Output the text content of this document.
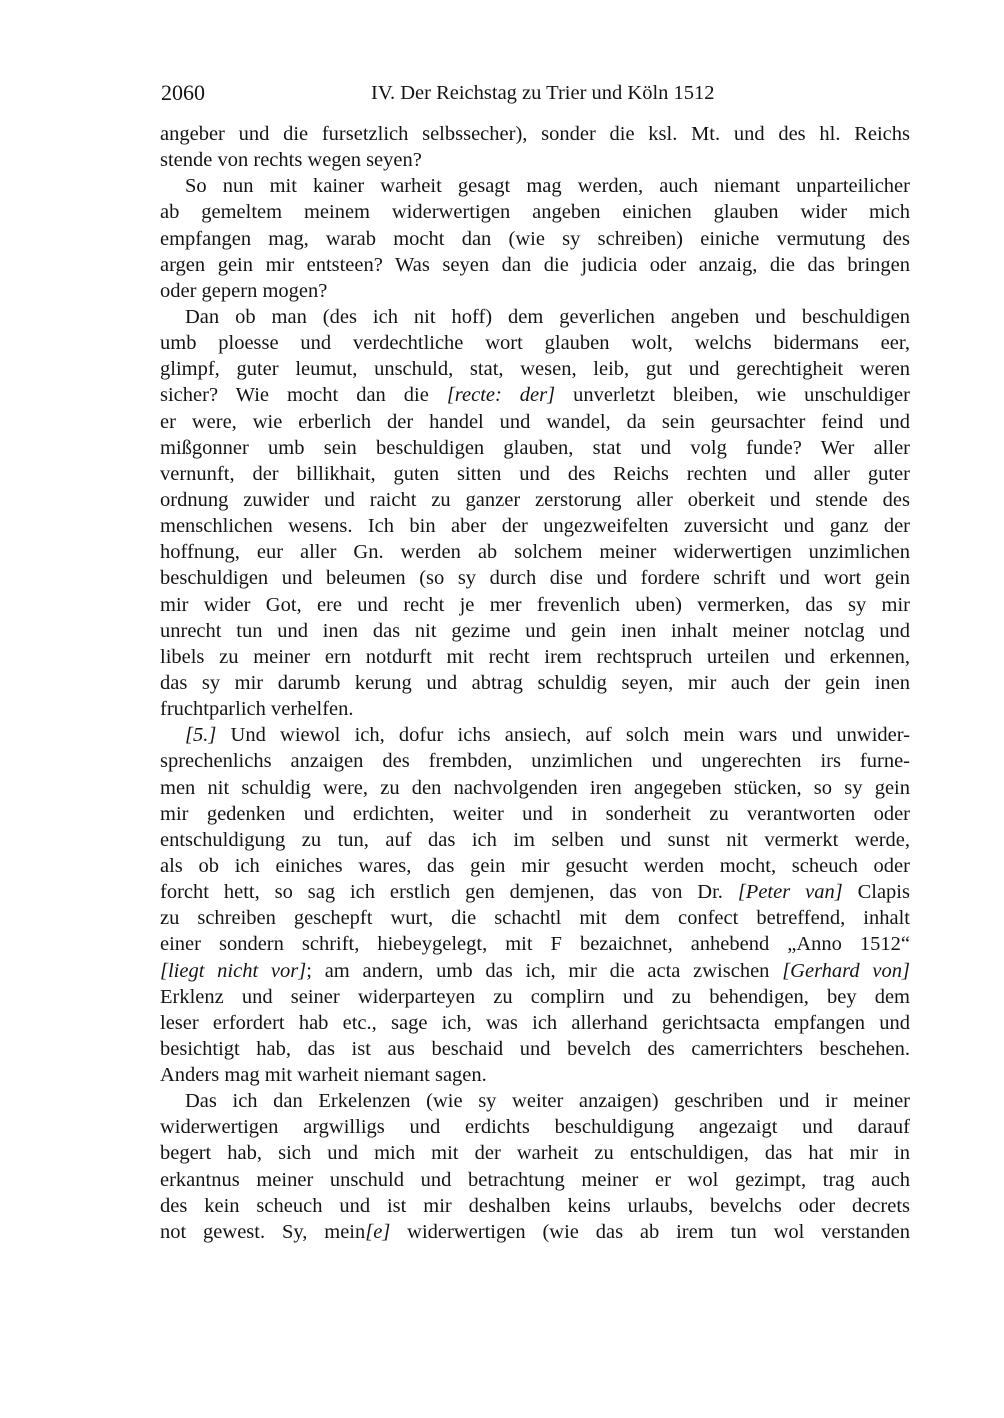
2060	IV. Der Reichstag zu Trier und Köln 1512
angeber und die fursetzlich selbssecher), sonder die ksl. Mt. und des hl. Reichs
stende von rechts wegen seyen?
So nun mit kainer warheit gesagt mag werden, auch niemant unparteilicher
ab gemeltem meinem widerwertigen angeben einichen glauben wider mich
empfangen mag, warab mocht dan (wie sy schreiben) einiche vermutung des
argen gein mir entsteen? Was seyen dan die judicia oder anzaig, die das bringen
oder gepern mogen?
Dan ob man (des ich nit hoff) dem geverlichen angeben und beschuldigen
umb ploesse und verdechtliche wort glauben wolt, welchs bidermans eer,
glimpf, guter leumut, unschuld, stat, wesen, leib, gut und gerechtigheit weren
sicher? Wie mocht dan die [recte: der] unverletzt bleiben, wie unschuldiger
er were, wie erberlich der handel und wandel, da sein geursachter feind und
mißgonner umb sein beschuldigen glauben, stat und volg funde? Wer aller
vernunft, der billikhait, guten sitten und des Reichs rechten und aller guter
ordnung zuwider und raicht zu ganzer zerstorung aller oberkeit und stende des
menschlichen wesens. Ich bin aber der ungezweifelten zuversicht und ganz der
hoffnung, eur aller Gn. werden ab solchem meiner widerwertigen unzimlichen
beschuldigen und beleumen (so sy durch dise und fordere schrift und wort gein
mir wider Got, ere und recht je mer frevenlich uben) vermerken, das sy mir
unrecht tun und inen das nit gezime und gein inen inhalt meiner notclag und
libels zu meiner ern notdurft mit recht irem rechtspruch urteilen und erkennen,
das sy mir darumb kerung und abtrag schuldig seyen, mir auch der gein inen
fruchtparlich verhelfen.
[5.] Und wiewol ich, dofur ichs ansiech, auf solch mein wars und unwider-
sprechenlichs anzaigen des frembden, unzimlichen und ungerechten irs furne-
men nit schuldig were, zu den nachvolgenden iren angegeben stücken, so sy gein
mir gedenken und erdichten, weiter und in sonderheit zu verantworten oder
entschuldigung zu tun, auf das ich im selben und sunst nit vermerkt werde,
als ob ich einiches wares, das gein mir gesucht werden mocht, scheuch oder
forcht hett, so sag ich erstlich gen demjenen, das von Dr. [Peter van] Clapis
zu schreiben geschepft wurt, die schachtl mit dem confect betreffend, inhalt
einer sondern schrift, hiebeygelegt, mit F bezaichnet, anhebend „Anno 1512“
[liegt nicht vor]; am andern, umb das ich, mir die acta zwischen [Gerhard von]
Erklenz und seiner widerparteyen zu complirn und zu behendigen, bey dem
leser erfordert hab etc., sage ich, was ich allerhand gerichtsacta empfangen und
besichtigt hab, das ist aus beschaid und bevelch des camerrichters beschehen.
Anders mag mit warheit niemant sagen.
Das ich dan Erkelenzen (wie sy weiter anzaigen) geschriben und ir meiner
widerwertigen argwilligs und erdichts beschuldigung angezaigt und darauf
begert hab, sich und mich mit der warheit zu entschuldigen, das hat mir in
erkantnus meiner unschuld und betrachtung meiner er wol gezimpt, trag auch
des kein scheuch und ist mir deshalben keins urlaubs, bevelchs oder decrets
not gewest. Sy, mein[e] widerwertigen (wie das ab irem tun wol verstanden
